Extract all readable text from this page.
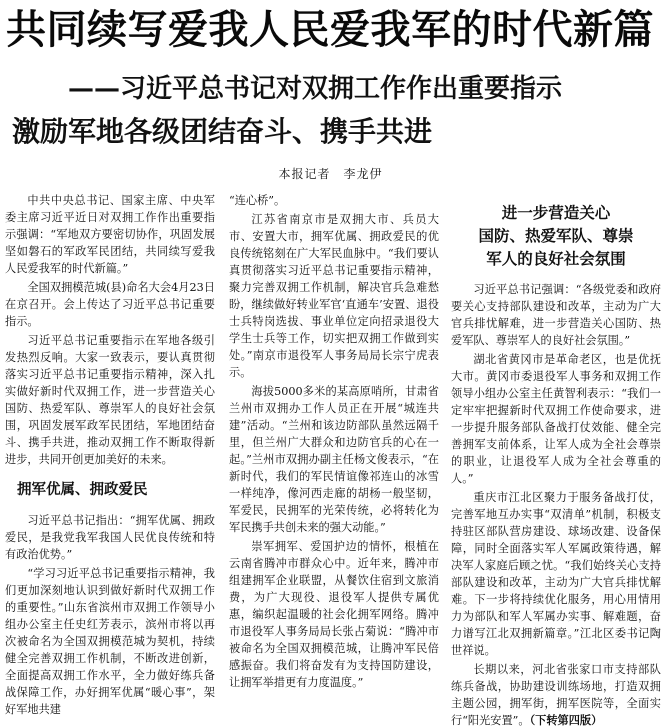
共同续写爱我人民爱我军的时代新篇
——习近平总书记对双拥工作作出重要指示
激励军地各级团结奋斗、携手共进
本报记者　李龙伊

中共中央总书记、国家主席、中央军委主席习近平近日对双拥工作作出重要指示强调：“军地双方要密切协作，巩固发展坚如磐石的军政军民团结，共同续写爱我人民爱我军的时代新篇。”

全国双拥模范城(县)命名大会4月23日在京召开。会上传达了习近平总书记重要指示。

习近平总书记重要指示在军地各级引发热烈反响。大家一致表示，要认真贯彻落实习近平总书记重要指示精神，深入扎实做好新时代双拥工作，进一步营造关心国防、热爱军队、尊崇军人的良好社会氛围，巩固发展军政军民团结，军地团结奋斗、携手共进，推动双拥工作不断取得新进步，共同开创更加美好的未来。

拥军优属、拥政爱民

习近平总书记指出：“拥军优属、拥政爱民，是我党我军我国人民优良传统和特有政治优势。”

“学习习近平总书记重要指示精神，我们更加深刻地认识到做好新时代双拥工作的重要性。”山东省滨州市双拥工作领导小组办公室主任史红芳表示，滨州市将以再次被命名为全国双拥模范城为契机，持续健全完善双拥工作机制，不断改进创新，全面提高双拥工作水平，全力做好练兵备战保障工作，办好拥军优属“暖心事”，架好军地共建

“连心桥”。

江苏省南京市是双拥大市、兵员大市、安置大市，拥军优属、拥政爱民的优良传统铭刻在广大军民血脉中。“我们要认真贯彻落实习近平总书记重要指示精神，聚力完善双拥工作机制，解决官兵急难愁盼，继续做好转业军官‘直通车’安置、退役士兵特岗选拔、事业单位定向招录退役大学生士兵等工作，切实把双拥工作做到实处。”南京市退役军人事务局局长宗宁虎表示。

海拔5000多米的某高原哨所，甘肃省兰州市双拥办工作人员正在开展“城连共建”活动。“兰州和该边防部队虽然远隔千里，但兰州广大群众和边防官兵的心在一起。”兰州市双拥办副主任杨文俊表示，“在新时代，我们的军民情谊像祁连山的冰雪一样纯净，像河西走廊的胡杨一般坚韧，军爱民，民拥军的光荣传统，必将转化为军民携手共创未来的强大动能。”

崇军拥军、爱国护边的情怀，根植在云南省腾冲市群众心中。近年来，腾冲市组建拥军企业联盟，从餐饮住宿到文旅消费，为广大现役、退役军人提供专属优惠，编织起温暖的社会化拥军网络。腾冲市退役军人事务局局长张占菊说：“腾冲市被命名为全国双拥模范城，让腾冲军民倍感振奋。我们将奋发有为支持国防建设，让拥军举措更有力度温度。”

进一步营造关心
国防、热爱军队、尊崇
军人的良好社会氛围

习近平总书记强调：“各级党委和政府要关心支持部队建设和改革，主动为广大官兵排忧解难，进一步营造关心国防、热爱军队、尊崇军人的良好社会氛围。”

湖北省黄冈市是革命老区，也是优抚大市。黄冈市委退役军人事务和双拥工作领导小组办公室主任黄智利表示：“我们一定牢牢把握新时代双拥工作使命要求，进一步提升服务部队备战打仗效能、健全完善拥军支前体系，让军人成为全社会尊崇的职业，让退役军人成为全社会尊重的人。”

重庆市江北区聚力于服务备战打仗，完善军地互办实事“双清单”机制，积极支持驻区部队营房建设、球场改建、设备保障，同时全面落实军人军属政策待遇，解决军人家庭后顾之忧。“我们始终关心支持部队建设和改革，主动为广大官兵排忧解难。下一步将持续优化服务，用心用情用力为部队和军人军属办实事、解难题，奋力谱写江北双拥新篇章。”江北区委书记陶世祥说。

长期以来，河北省张家口市支持部队练兵备战，协助建设训练场地，打造双拥主题公园，拥军街，拥军医院等，全面实行“阳光安置”。（下转第四版）
